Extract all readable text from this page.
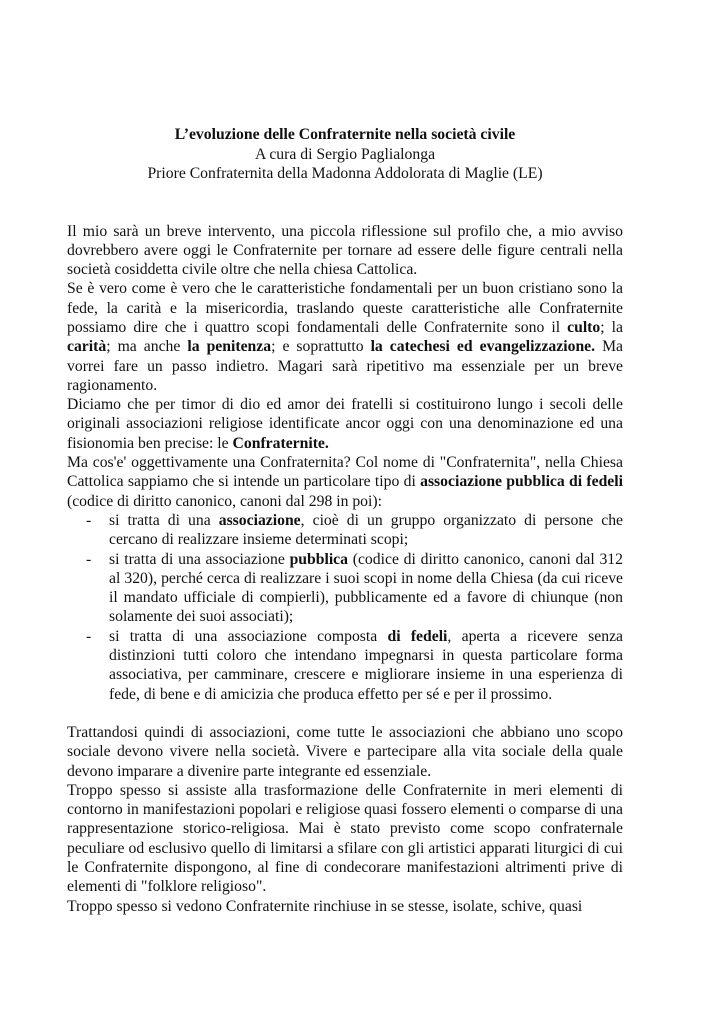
L’evoluzione delle Confraternite nella società civile
A cura di Sergio Paglialonga
Priore Confraternita della Madonna Addolorata di Maglie (LE)

Il mio sarà un breve intervento, una piccola riflessione sul profilo che, a mio avviso dovrebbero avere oggi le Confraternite per tornare ad essere delle figure centrali nella società cosiddetta civile oltre che nella chiesa Cattolica.

Se è vero come è vero che le caratteristiche fondamentali per un buon cristiano sono la fede, la carità e la misericordia, traslando queste caratteristiche alle Confraternite possiamo dire che i quattro scopi fondamentali delle Confraternite sono il culto; la carità; ma anche la penitenza; e soprattutto la catechesi ed evangelizzazione. Ma vorrei fare un passo indietro. Magari sarà ripetitivo ma essenziale per un breve ragionamento.

Diciamo che per timor di dio ed amor dei fratelli si costituirono lungo i secoli delle originali associazioni religiose identificate ancor oggi con una denominazione ed una fisionomia ben precise: le Confraternite.

Ma cos'e' oggettivamente una Confraternita? Col nome di "Confraternita", nella Chiesa Cattolica sappiamo che si intende un particolare tipo di associazione pubblica di fedeli (codice di diritto canonico, canoni dal 298 in poi):

- si tratta di una associazione, cioè di un gruppo organizzato di persone che cercano di realizzare insieme determinati scopi;
- si tratta di una associazione pubblica (codice di diritto canonico, canoni dal 312 al 320), perché cerca di realizzare i suoi scopi in nome della Chiesa (da cui riceve il mandato ufficiale di compierli), pubblicamente ed a favore di chiunque (non solamente dei suoi associati);
- si tratta di una associazione composta di fedeli, aperta a ricevere senza distinzioni tutti coloro che intendano impegnarsi in questa particolare forma associativa, per camminare, crescere e migliorare insieme in una esperienza di fede, di bene e di amicizia che produca effetto per sé e per il prossimo.

Trattandosi quindi di associazioni, come tutte le associazioni che abbiano uno scopo sociale devono vivere nella società. Vivere e partecipare alla vita sociale della quale devono imparare a divenire parte integrante ed essenziale.

Troppo spesso si assiste alla trasformazione delle Confraternite in meri elementi di contorno in manifestazioni popolari e religiose quasi fossero elementi o comparse di una rappresentazione storico-religiosa. Mai è stato previsto come scopo confraternale peculiare od esclusivo quello di limitarsi a sfilare con gli artistici apparati liturgici di cui le Confraternite dispongono, al fine di condecorare manifestazioni altrimenti prive di elementi di "folklore religioso".

Troppo spesso si vedono Confraternite rinchiuse in se stesse, isolate, schive, quasi
